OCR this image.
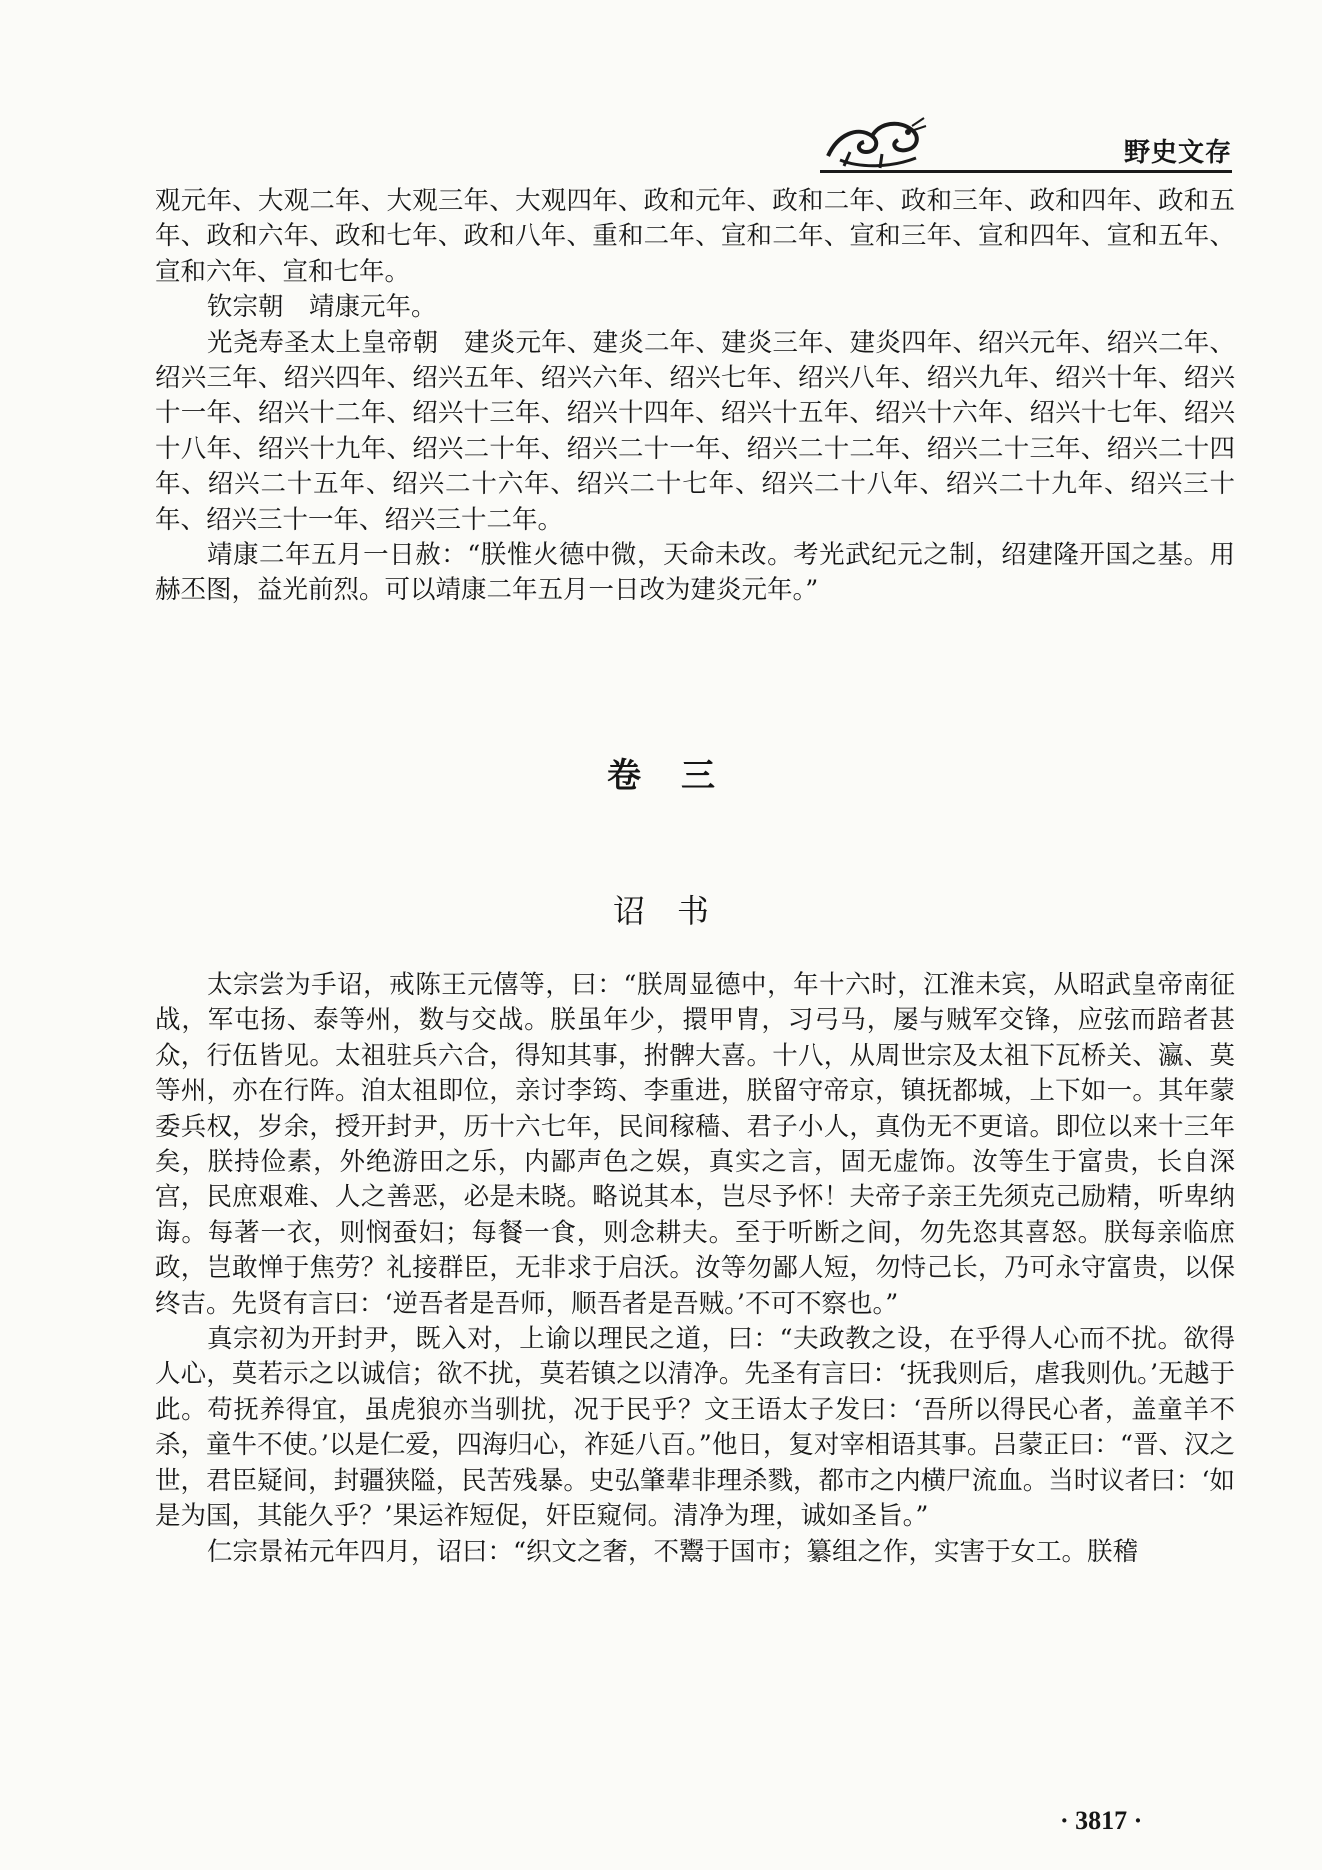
野史文存

观元年、大观二年、大观三年、大观四年、政和元年、政和二年、政和三年、政和四年、政和五年、政和六年、政和七年、政和八年、重和二年、宣和二年、宣和三年、宣和四年、宣和五年、宣和六年、宣和七年。

钦宗朝　靖康元年。

光尧寿圣太上皇帝朝　建炎元年、建炎二年、建炎三年、建炎四年、绍兴元年、绍兴二年、绍兴三年、绍兴四年、绍兴五年、绍兴六年、绍兴七年、绍兴八年、绍兴九年、绍兴十年、绍兴十一年、绍兴十二年、绍兴十三年、绍兴十四年、绍兴十五年、绍兴十六年、绍兴十七年、绍兴十八年、绍兴十九年、绍兴二十年、绍兴二十一年、绍兴二十二年、绍兴二十三年、绍兴二十四年、绍兴二十五年、绍兴二十六年、绍兴二十七年、绍兴二十八年、绍兴二十九年、绍兴三十年、绍兴三十一年、绍兴三十二年。

靖康二年五月一日赦：“朕惟火德中微，天命未改。考光武纪元之制，绍建隆开国之基。用赫丕图，益光前烈。可以靖康二年五月一日改为建炎元年。”

卷三
诏书

太宗尝为手诏，戒陈王元僖等，曰：“朕周显德中，年十六时，江淮未宾，从昭武皇帝南征战，军屯扬、泰等州，数与交战。朕虽年少，擐甲胄，习弓马，屡与贼军交锋，应弦而踣者甚众，行伍皆见。太祖驻兵六合，得知其事，拊髀大喜。十八，从周世宗及太祖下瓦桥关、瀛、莫等州，亦在行阵。洎太祖即位，亲讨李筠、李重进，朕留守帝京，镇抚都城，上下如一。其年蒙委兵权，岁余，授开封尹，历十六七年，民间稼穑、君子小人，真伪无不更谙。即位以来十三年矣，朕持俭素，外绝游田之乐，内鄙声色之娱，真实之言，固无虚饰。汝等生于富贵，长自深宫，民庶艰难、人之善恶，必是未晓。略说其本，岂尽予怀！夫帝子亲王先须克己励精，听卑纳诲。每著一衣，则悯蚕妇；每餐一食，则念耕夫。至于听断之间，勿先恣其喜怒。朕每亲临庶政，岂敢惮于焦劳？礼接群臣，无非求于启沃。汝等勿鄙人短，勿恃己长，乃可永守富贵，以保终吉。先贤有言曰：‘逆吾者是吾师，顺吾者是吾贼。’不可不察也。”

真宗初为开封尹，既入对，上谕以理民之道，曰：“夫政教之设，在乎得人心而不扰。欲得人心，莫若示之以诚信；欲不扰，莫若镇之以清净。先圣有言曰：‘抚我则后，虐我则仇。’无越于此。苟抚养得宜，虽虎狼亦当驯扰，况于民乎？文王语太子发曰：‘吾所以得民心者，盖童羊不杀，童牛不使。’以是仁爱，四海归心，祚延八百。”他日，复对宰相语其事。吕蒙正曰：“晋、汉之世，君臣疑间，封疆狭隘，民苦残暴。史弘肇辈非理杀戮，都市之内横尸流血。当时议者曰：‘如是为国，其能久乎？’果运祚短促，奸臣窥伺。清净为理，诚如圣旨。”

仁宗景祐元年四月，诏曰：“织文之奢，不鬻于国市；纂组之作，实害于女工。朕稽

· 3817 ·
